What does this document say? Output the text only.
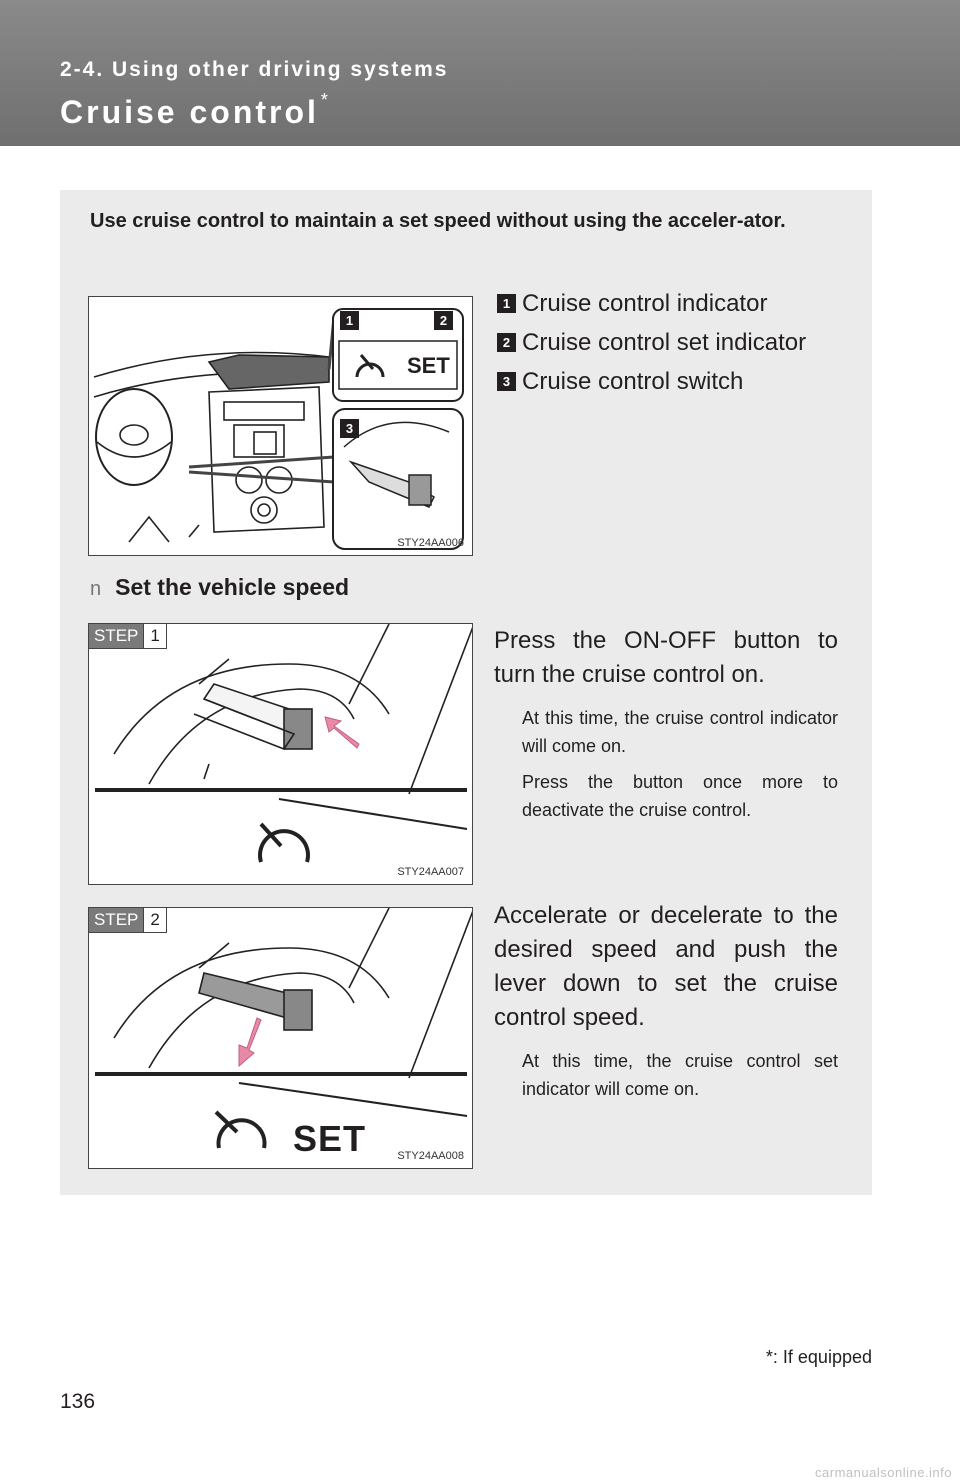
2-4. Using other driving systems
Cruise control *
Use cruise control to maintain a set speed without using the acceler-ator.
1	2
3
SET
STY24AA006
1 Cruise control indicator
2 Cruise control set indicator
3 Cruise control switch
n Set the vehicle speed
STEP 1
STY24AA007

Press the ON-OFF button to turn the cruise control on.

At this time, the cruise control indicator will come on.

Press the button once more to deactivate the cruise control.

STEP 2
SET	STY24AA008

Accelerate or decelerate to the desired speed and push the lever down to set the cruise control speed.

At this time, the cruise control set indicator will come on.

*: If equipped
136
carmanualsonline.info
